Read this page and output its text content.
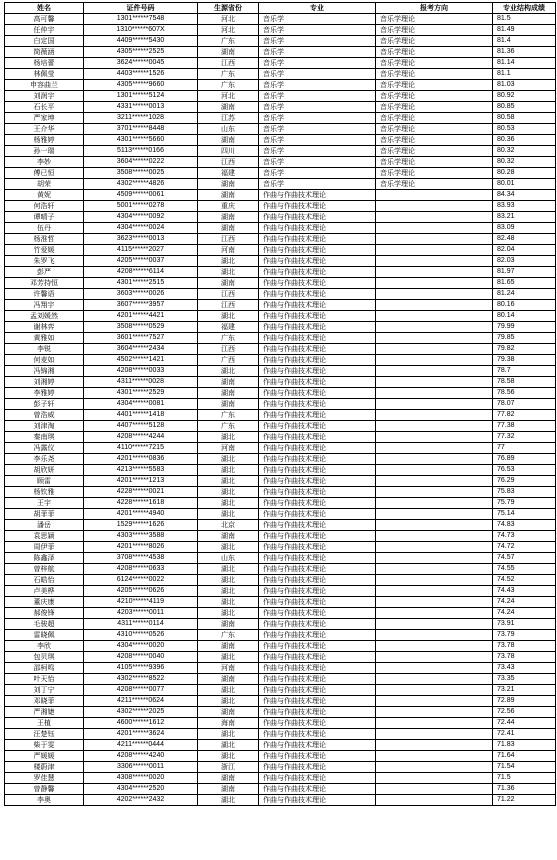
姓名	证件号码	生源省份	专业	报考方向	专业结构成绩
高可馨	1301******7548	河北	音乐学	音乐学理论	81.5
任仲宇	1310******607X	河北	音乐学	音乐学理论	81.49
白定国	4409******5430	广东	音乐学	音乐学理论	81.4
简薇涵	4305******2525	湖南	音乐学	音乐学理论	81.36
杨培蕾	3624******0045	江西	音乐学	音乐学理论	81.14
林佩莹	4403******1526	广东	音乐学	音乐学理论	81.1
申容曲兰	4305******9660	广东	音乐学	音乐学理论	81.03
刘润宇	1301******5124	河北	音乐学	音乐学理论	80.92
石长平	4331******0013	湖南	音乐学	音乐学理论	80.85
严家坤	3211******1028	江苏	音乐学	音乐学理论	80.58
王介华	3701******8448	山东	音乐学	音乐学理论	80.53
杨雅婷	4301******5660	湖南	音乐学	音乐学理论	80.36
孙一瑞	5113******0166	四川	音乐学	音乐学理论	80.32
李妙	3604******0222	江西	音乐学	音乐学理论	80.32
傅已恒	3508******0025	福建	音乐学	音乐学理论	80.28
胡荣	4302******4826	湖南	音乐学	音乐学理论	80.01
黄妮	4509******0061	湖南	作曲与作曲技术理论		84.34
何浩轩	5001******0278	重庆	作曲与作曲技术理论		83.93
谭晴子	4304******0092	湖南	作曲与作曲技术理论		83.21
伍丹	4304******0024	湖南	作曲与作曲技术理论		83.09
杨淮哲	3623******0013	江西	作曲与作曲技术理论		82.48
竹爱媛	4115******2027	河南	作曲与作曲技术理论		82.04
朱罗飞	4205******0037	湖北	作曲与作曲技术理论		82.03
彭严	4208******6114	湖北	作曲与作曲技术理论		81.97
邓芳持恒	4301******2515	湖南	作曲与作曲技术理论		81.65
许馨语	3603******0026	江西	作曲与作曲技术理论		81.24
冯翔宇	3607******3957	江西	作曲与作曲技术理论		80.16
孟刘媛然	4201******4421	湖北	作曲与作曲技术理论		80.14
谢林弈	3508******0529	福建	作曲与作曲技术理论		79.99
黄雅如	3601******7527	广东	作曲与作曲技术理论		79.85
李锐	3604******2434	江西	作曲与作曲技术理论		79.82
何麦如	4502******1421	广西	作曲与作曲技术理论		79.38
冯锦湘	4208******0033	湖北	作曲与作曲技术理论		78.7
刘湘婷	4311******0028	湖南	作曲与作曲技术理论		78.58
李雅婷	4301******2529	湖南	作曲与作曲技术理论		78.56
彭子轩	4304******0081	湖南	作曲与作曲技术理论		78.07
曾浩威	4401******1418	广东	作曲与作曲技术理论		77.82
刘津淘	4407******5128	广东	作曲与作曲技术理论		77.38
秦南琪	4208******4244	湖北	作曲与作曲技术理论		77.32
冯露仪	4110******7215	河南	作曲与作曲技术理论		77
李乐尧	4201******0836	湖北	作曲与作曲技术理论		76.89
胡欣妍	4213******5583	湖北	作曲与作曲技术理论		76.53
顾雷	4201******1213	湖北	作曲与作曲技术理论		76.29
杨钦雅	4228******0021	湖北	作曲与作曲技术理论		75.83
王宇	4228******1618	湖北	作曲与作曲技术理论		75.79
胡菲菲	4201******4940	湖北	作曲与作曲技术理论		75.14
潘岳	1529******1626	北京	作曲与作曲技术理论		74.83
袁思颖	4303******3588	湖南	作曲与作曲技术理论		74.73
周伊菲	4201******8026	湖北	作曲与作曲技术理论		74.72
陈鑫泽	3708******4538	山东	作曲与作曲技术理论		74.57
曾梓航	4208******0633	湖北	作曲与作曲技术理论		74.55
石皓怡	6124******0022	湖北	作曲与作曲技术理论		74.52
卢美桦	4205******0626	湖北	作曲与作曲技术理论		74.43
董庆康	4210******4119	湖北	作曲与作曲技术理论		74.24
郝俊锋	4203******0011	湖北	作曲与作曲技术理论		74.24
毛骏超	4311******0114	湖南	作曲与作曲技术理论		73.91
雷晓佩	4310******0526	广东	作曲与作曲技术理论		73.79
李欣	4304******0020	湖南	作曲与作曲技术理论		73.78
包贝琪	4208******0040	湖北	作曲与作曲技术理论		73.78
邵柯鸣	4105******9396	河南	作曲与作曲技术理论		73.43
叶天怡	4302******8522	湖南	作曲与作曲技术理论		73.35
刘丁宁	4208******0077	湖北	作曲与作曲技术理论		73.21
邓晓菲	4211******0624	湖北	作曲与作曲技术理论		72.89
严湘婕	4302******2025	湖南	作曲与作曲技术理论		72.56
王植	4600******1612	海南	作曲与作曲技术理论		72.44
汪楚钰	4201******3624	湖北	作曲与作曲技术理论		72.41
柴于雯	4211******0444	湖北	作曲与作曲技术理论		71.83
严媛媛	4208******4240	湖北	作曲与作曲技术理论		71.64
楼蔚津	3306******0011	浙江	作曲与作曲技术理论		71.54
罗佳慧	4308******0020	湖南	作曲与作曲技术理论		71.5
曾静馨	4304******2520	湖南	作曲与作曲技术理论		71.36
李奥	4202******2432	湖北	作曲与作曲技术理论		71.22
